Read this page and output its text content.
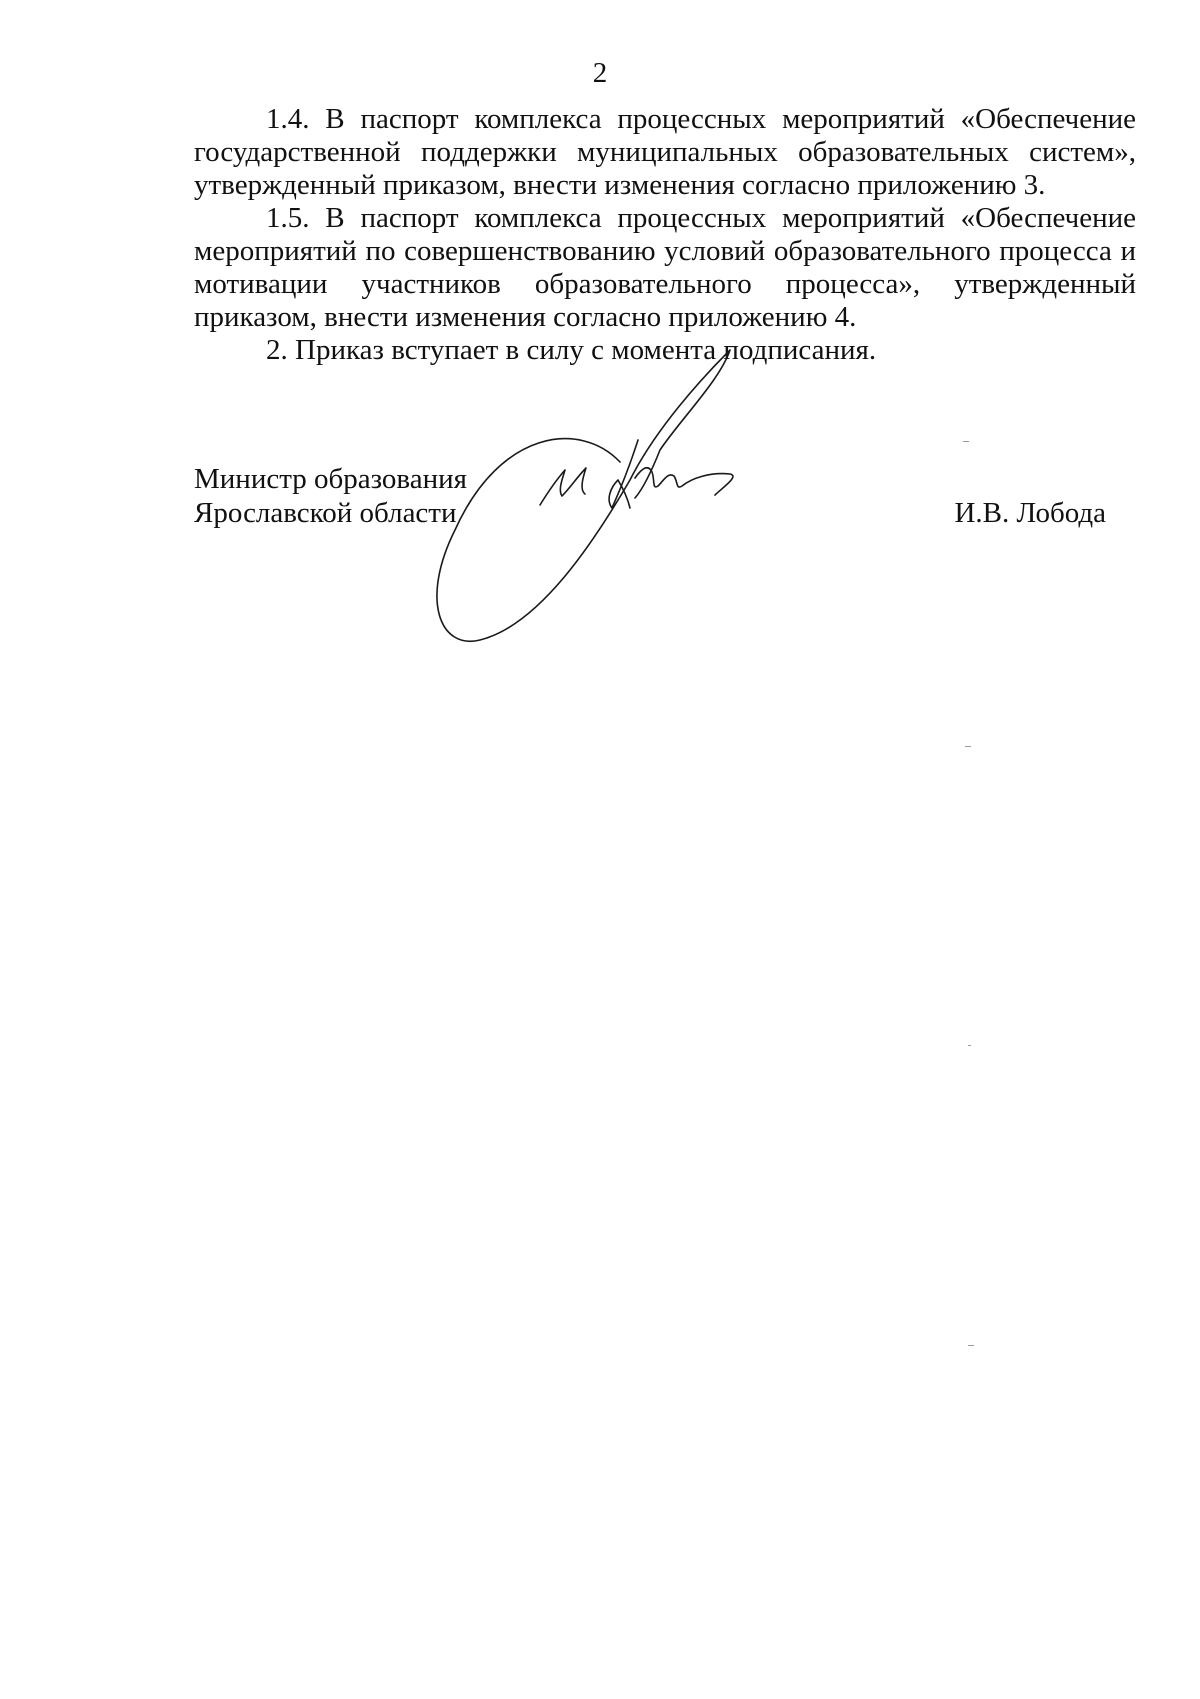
2

1.4. В паспорт комплекса процессных мероприятий «Обеспечение государственной поддержки муниципальных образовательных систем», утвержденный приказом, внести изменения согласно приложению 3.

1.5. В паспорт комплекса процессных мероприятий «Обеспечение мероприятий по совершенствованию условий образовательного процесса и мотивации участников образовательного процесса», утвержденный приказом, внести изменения согласно приложению 4.

2. Приказ вступает в силу с момента подписания.

Министр образования
Ярославской области	И.В. Лобода
